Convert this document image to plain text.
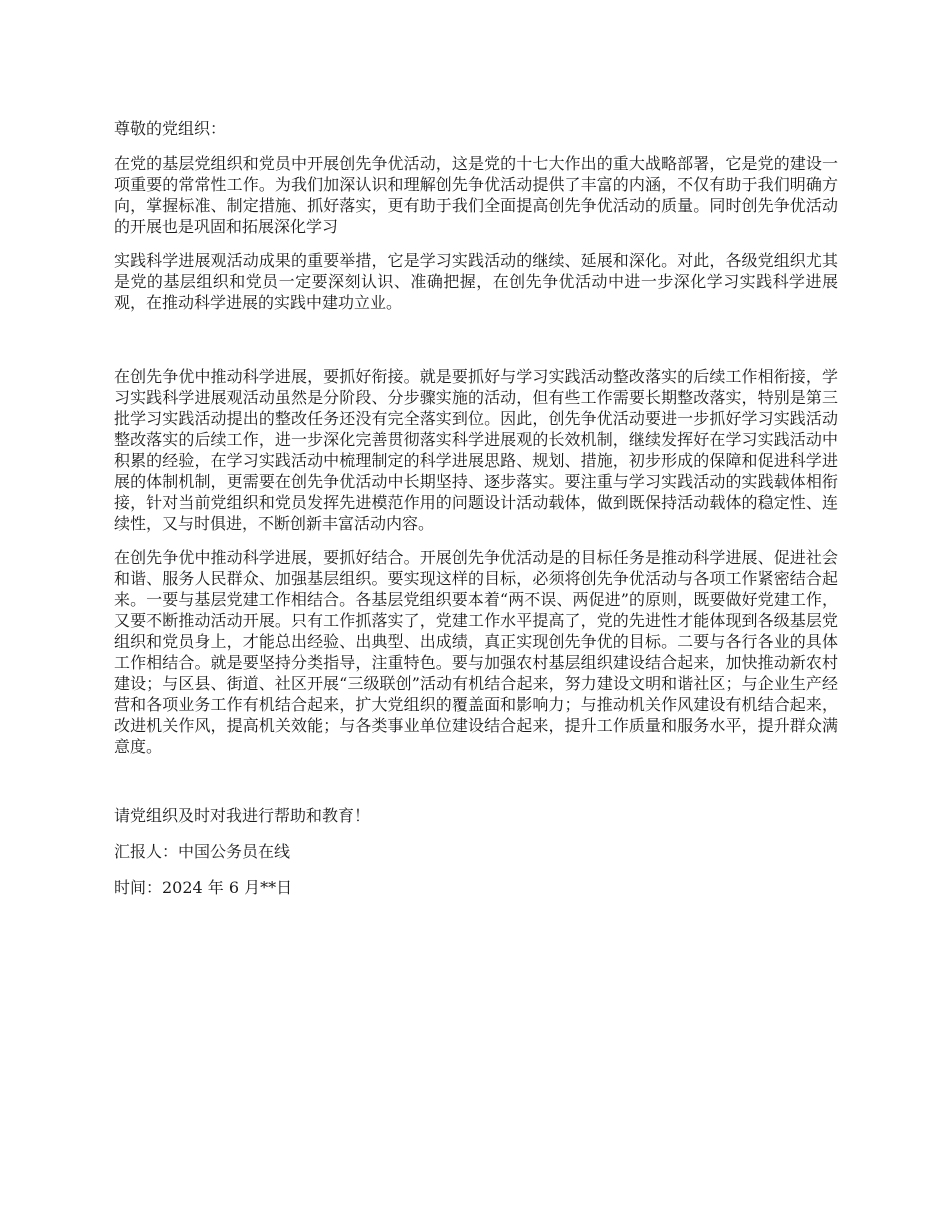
尊敬的党组织：

在党的基层党组织和党员中开展创先争优活动，这是党的十七大作出的重大战略部署，它是党的建设一项重要的常常性工作。为我们加深认识和理解创先争优活动提供了丰富的内涵，不仅有助于我们明确方向，掌握标准、制定措施、抓好落实，更有助于我们全面提高创先争优活动的质量。同时创先争优活动的开展也是巩固和拓展深化学习

实践科学进展观活动成果的重要举措，它是学习实践活动的继续、延展和深化。对此，各级党组织尤其是党的基层组织和党员一定要深刻认识、准确把握，在创先争优活动中进一步深化学习实践科学进展观，在推动科学进展的实践中建功立业。

在创先争优中推动科学进展，要抓好衔接。就是要抓好与学习实践活动整改落实的后续工作相衔接，学习实践科学进展观活动虽然是分阶段、分步骤实施的活动，但有些工作需要长期整改落实，特别是第三批学习实践活动提出的整改任务还没有完全落实到位。因此，创先争优活动要进一步抓好学习实践活动整改落实的后续工作，进一步深化完善贯彻落实科学进展观的长效机制，继续发挥好在学习实践活动中积累的经验，在学习实践活动中梳理制定的科学进展思路、规划、措施，初步形成的保障和促进科学进展的体制机制，更需要在创先争优活动中长期坚持、逐步落实。要注重与学习实践活动的实践载体相衔接，针对当前党组织和党员发挥先进模范作用的问题设计活动载体，做到既保持活动载体的稳定性、连续性，又与时俱进，不断创新丰富活动内容。

在创先争优中推动科学进展，要抓好结合。开展创先争优活动是的目标任务是推动科学进展、促进社会和谐、服务人民群众、加强基层组织。要实现这样的目标，必须将创先争优活动与各项工作紧密结合起来。一要与基层党建工作相结合。各基层党组织要本着“两不误、两促进”的原则，既要做好党建工作，又要不断推动活动开展。只有工作抓落实了，党建工作水平提高了，党的先进性才能体现到各级基层党组织和党员身上，才能总出经验、出典型、出成绩，真正实现创先争优的目标。二要与各行各业的具体工作相结合。就是要坚持分类指导，注重特色。要与加强农村基层组织建设结合起来，加快推动新农村建设；与区县、街道、社区开展“三级联创”活动有机结合起来，努力建设文明和谐社区；与企业生产经营和各项业务工作有机结合起来，扩大党组织的覆盖面和影响力；与推动机关作风建设有机结合起来，改进机关作风，提高机关效能；与各类事业单位建设结合起来，提升工作质量和服务水平，提升群众满意度。

请党组织及时对我进行帮助和教育！

汇报人：中国公务员在线

时间：2024 年 6 月**日
